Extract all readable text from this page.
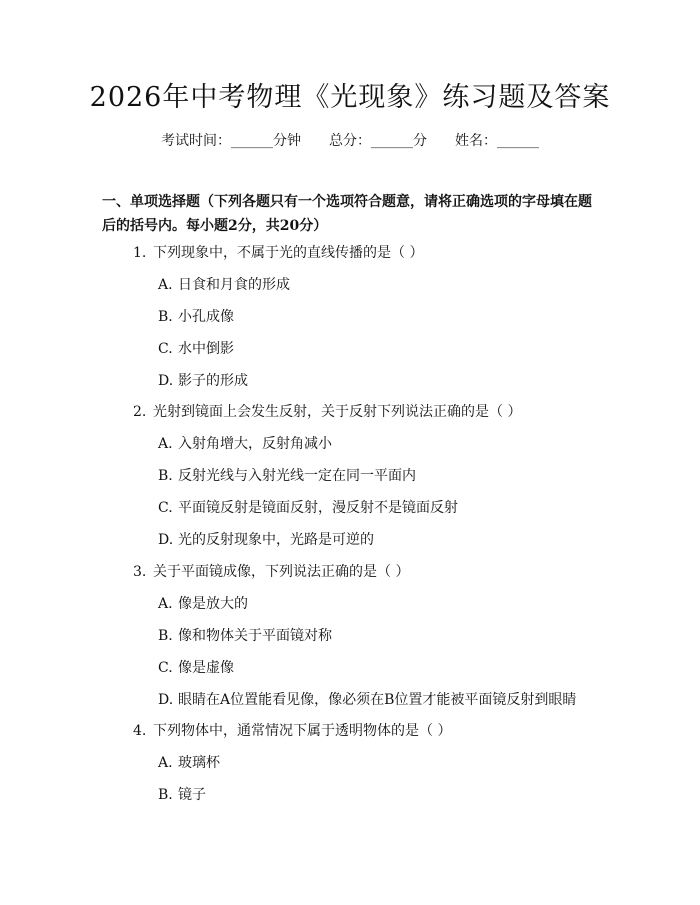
2026年中考物理《光现象》练习题及答案
考试时间：______分钟 总分：______分 姓名：______
一、单项选择题（下列各题只有一个选项符合题意，请将正确选项的字母填在题后的括号内。每小题2分，共20分）
1. 下列现象中，不属于光的直线传播的是（ ）
A. 日食和月食的形成
B. 小孔成像
C. 水中倒影
D. 影子的形成
2. 光射到镜面上会发生反射，关于反射下列说法正确的是（ ）
A. 入射角增大，反射角减小
B. 反射光线与入射光线一定在同一平面内
C. 平面镜反射是镜面反射，漫反射不是镜面反射
D. 光的反射现象中，光路是可逆的
3. 关于平面镜成像，下列说法正确的是（ ）
A. 像是放大的
B. 像和物体关于平面镜对称
C. 像是虚像
D. 眼睛在A位置能看见像，像必须在B位置才能被平面镜反射到眼睛
4. 下列物体中，通常情况下属于透明物体的是（ ）
A. 玻璃杯
B. 镜子
